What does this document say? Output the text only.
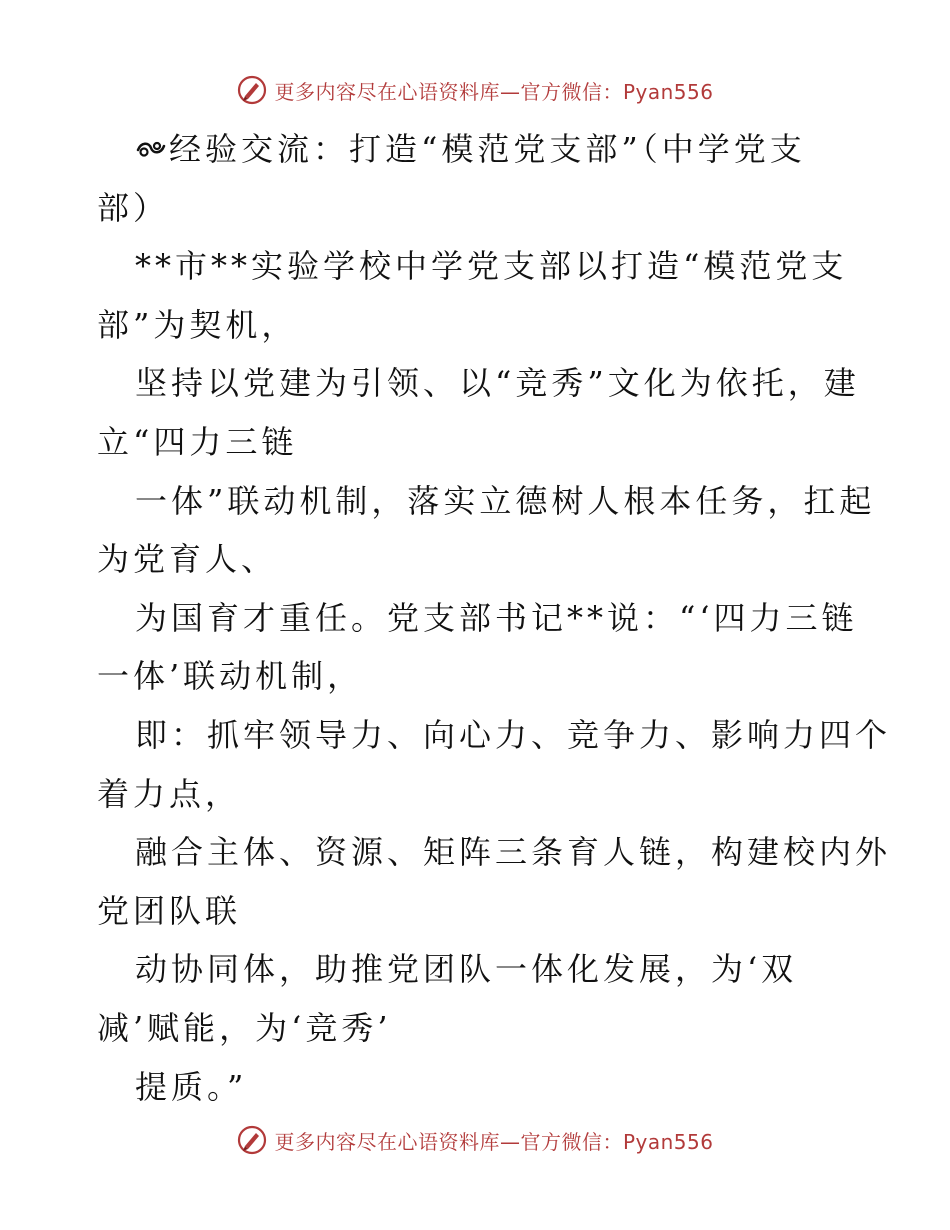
更多内容尽在心语资料库—官方微信：Pyan556
经验交流：打造“模范党支部”（中学党支
部）
**市**实验学校中学党支部以打造“模范党支
部”为契机，
坚持以党建为引领、以“竞秀”文化为依托，建
立“四力三链
一体”联动机制，落实立德树人根本任务，扛起
为党育人、
为国育才重任。党支部书记**说：“‘四力三链
一体’联动机制，
即：抓牢领导力、向心力、竞争力、影响力四个
着力点，
融合主体、资源、矩阵三条育人链，构建校内外
党团队联
动协同体，助推党团队一体化发展，为‘双
减’赋能，为‘竞秀’
提质。”
更多内容尽在心语资料库—官方微信：Pyan556
